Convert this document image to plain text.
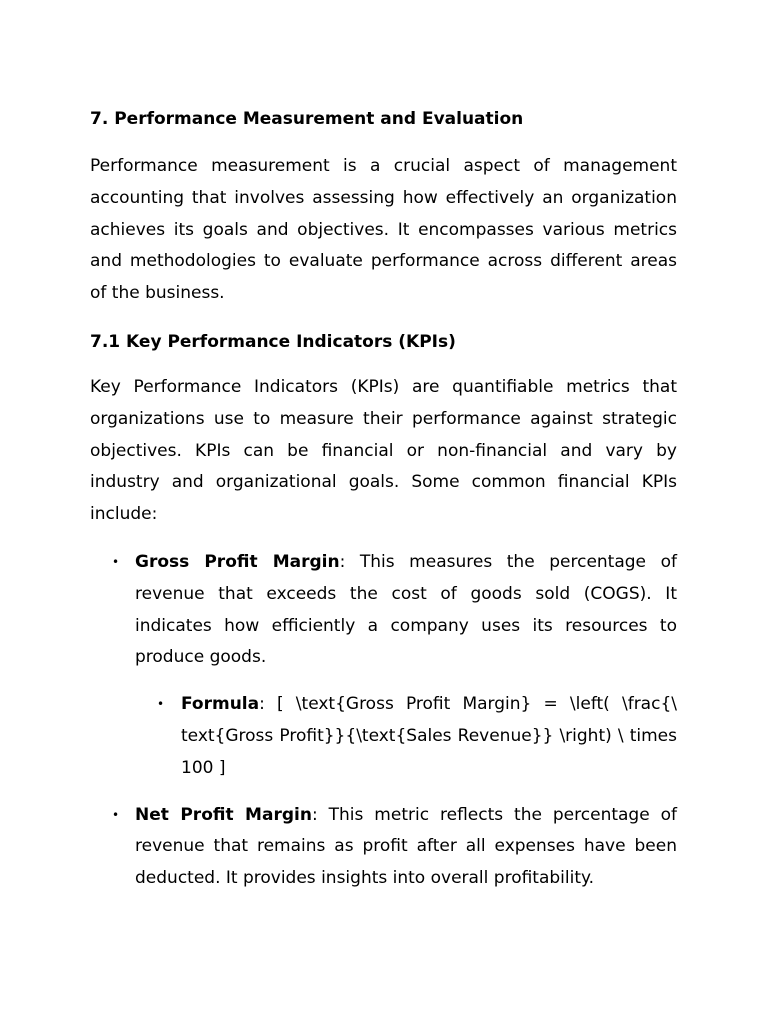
7. Performance Measurement and Evaluation

Performance measurement is a crucial aspect of management accounting that involves assessing how effectively an organization achieves its goals and objectives. It encompasses various metrics and methodologies to evaluate performance across different areas of the business.

7.1 Key Performance Indicators (KPIs)

Key Performance Indicators (KPIs) are quantifiable metrics that organizations use to measure their performance against strategic objectives. KPIs can be financial or non-financial and vary by industry and organizational goals. Some common financial KPIs include:

• Gross Profit Margin: This measures the percentage of revenue that exceeds the cost of goods sold (COGS). It indicates how efficiently a company uses its resources to produce goods.
• Formula: [ \text{Gross Profit Margin} = \left( \frac{\ text{Gross Profit}}{\text{Sales Revenue}} \right) \ times 100 ]
• Net Profit Margin: This metric reflects the percentage of revenue that remains as profit after all expenses have been deducted. It provides insights into overall profitability.
